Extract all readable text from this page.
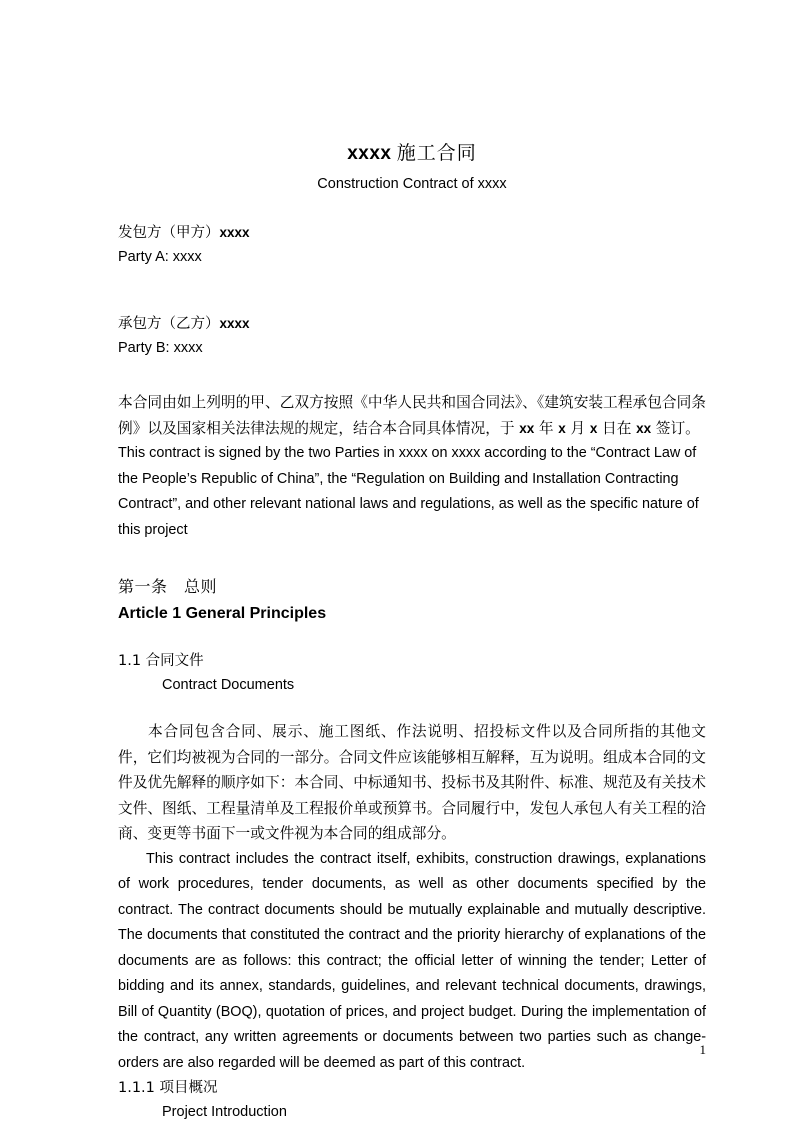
xxxx 施工合同
Construction Contract of xxxx

发包方（甲方）xxxx

Party A: xxxx

承包方（乙方）xxxx

Party B: xxxx

本合同由如上列明的甲、乙双方按照《中华人民共和国合同法》、《建筑安装工程承包合同条例》以及国家相关法律法规的规定，结合本合同具体情况，于 xx 年 x 月 x 日在 xx 签订。

This contract is signed by the two Parties in xxxx on xxxx according to the “Contract Law of the People’s Republic of China”, the “Regulation on Building and Installation Contracting Contract”, and other relevant national laws and regulations, as well as the specific nature of this project

第一条　总则
Article 1 General Principles
1.1 合同文件
Contract Documents

本合同包含合同、展示、施工图纸、作法说明、招投标文件以及合同所指的其他文件，它们均被视为合同的一部分。合同文件应该能够相互解释，互为说明。组成本合同的文件及优先解释的顺序如下：本合同、中标通知书、投标书及其附件、标准、规范及有关技术文件、图纸、工程量清单及工程报价单或预算书。合同履行中，发包人承包人有关工程的洽商、变更等书面下一或文件视为本合同的组成部分。

This contract includes the contract itself, exhibits, construction drawings, explanations of work procedures, tender documents, as well as other documents specified by the contract. The contract documents should be mutually explainable and mutually descriptive. The documents that constituted the contract and the priority hierarchy of explanations of the documents are as follows: this contract; the official letter of winning the tender; Letter of bidding and its annex, standards, guidelines, and relevant technical documents, drawings, Bill of Quantity (BOQ), quotation of prices, and project budget. During the implementation of the contract, any written agreements or documents between two parties such as change-orders are also regarded will be deemed as part of this contract.

1.1.1 项目概况
Project Introduction
1
